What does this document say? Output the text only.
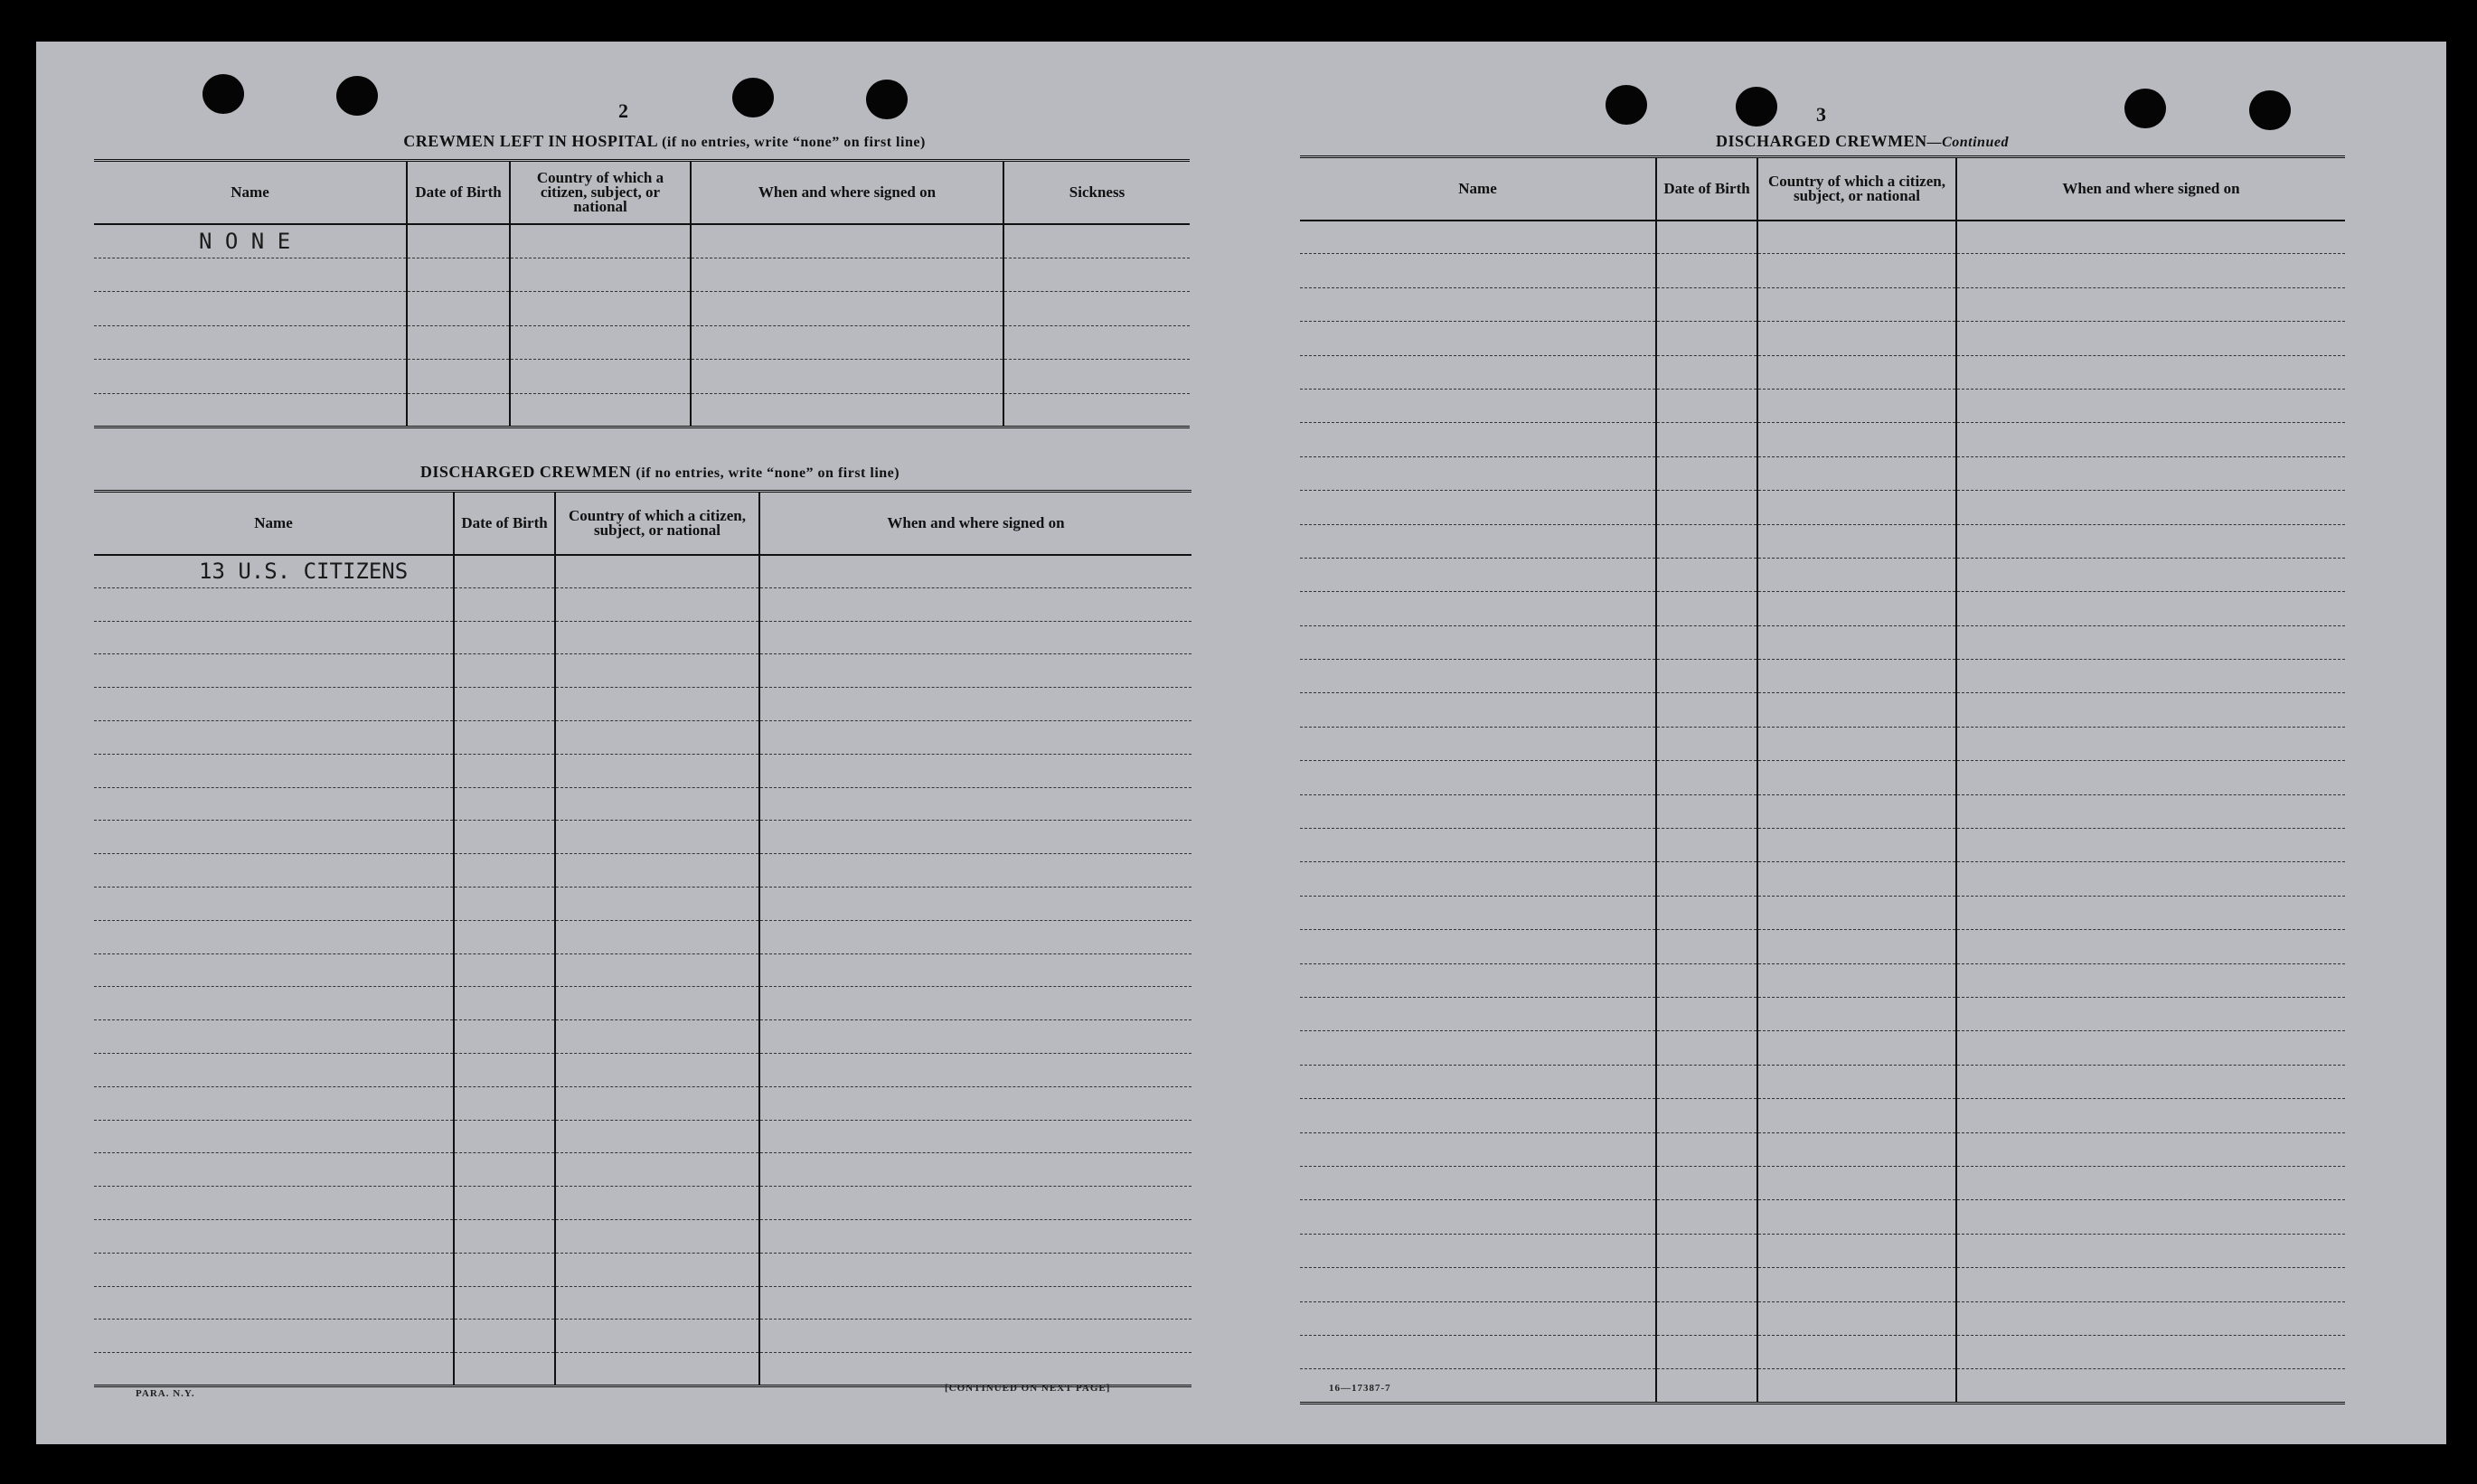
2
CREWMEN LEFT IN HOSPITAL (if no entries, write “none” on first line)
Name	Date of Birth	Country of which a citizen, subject, or national	When and where signed on	Sickness
N O N E				

DISCHARGED CREWMEN (if no entries, write “none” on first line)
Name	Date of Birth	Country of which a citizen, subject, or national	When and where signed on
13 U.S. CITIZENS			

PARA. N.Y.	[CONTINUED ON NEXT PAGE]
3
DISCHARGED CREWMEN—Continued
Name	Date of Birth	Country of which a citizen, subject, or national	When and where signed on

16—17387-7
